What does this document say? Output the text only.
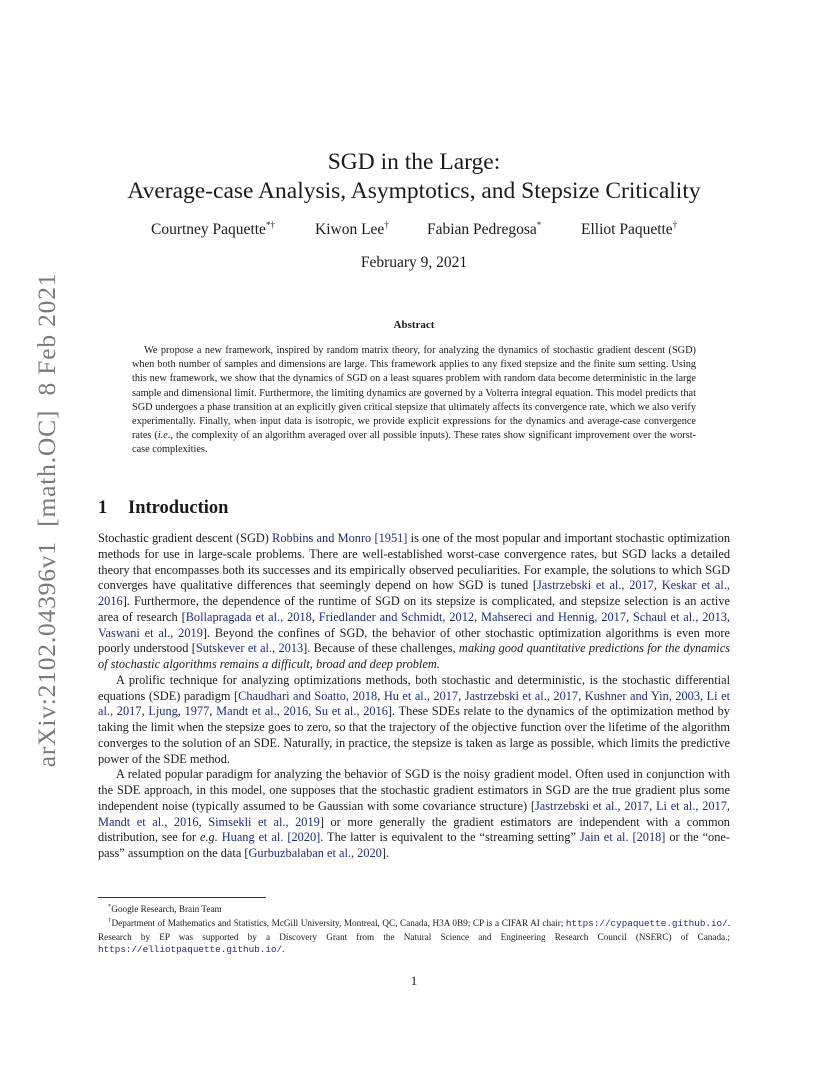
arXiv:2102.04396v1  [math.OC]  8 Feb 2021
SGD in the Large:
Average-case Analysis, Asymptotics, and Stepsize Criticality
Courtney Paquette*†	Kiwon Lee† Fabian Pedregosa*	Elliot Paquette†
February 9, 2021
Abstract

We propose a new framework, inspired by random matrix theory, for analyzing the dynamics of stochastic gradient descent (SGD) when both number of samples and dimensions are large. This framework applies to any fixed stepsize and the finite sum setting. Using this new framework, we show that the dynamics of SGD on a least squares problem with random data become deterministic in the large sample and dimensional limit. Furthermore, the limiting dynamics are governed by a Volterra integral equation. This model predicts that SGD undergoes a phase transition at an explicitly given critical stepsize that ultimately affects its convergence rate, which we also verify experimentally. Finally, when input data is isotropic, we provide explicit expressions for the dynamics and average-case convergence rates (i.e., the complexity of an algorithm averaged over all possible inputs). These rates show significant improvement over the worst-case complexities.

1 Introduction

Stochastic gradient descent (SGD) Robbins and Monro [1951] is one of the most popular and important stochastic optimization methods for use in large-scale problems. There are well-established worst-case convergence rates, but SGD lacks a detailed theory that encompasses both its successes and its empirically observed peculiarities. For example, the solutions to which SGD converges have qualitative differences that seemingly depend on how SGD is tuned [Jastrzebski et al., 2017, Keskar et al., 2016]. Furthermore, the dependence of the runtime of SGD on its stepsize is complicated, and stepsize selection is an active area of research [Bollapragada et al., 2018, Friedlander and Schmidt, 2012, Mahsereci and Hennig, 2017, Schaul et al., 2013, Vaswani et al., 2019]. Beyond the confines of SGD, the behavior of other stochastic optimization algorithms is even more poorly understood [Sutskever et al., 2013]. Because of these challenges, making good quantitative predictions for the dynamics of stochastic algorithms remains a difficult, broad and deep problem.

A prolific technique for analyzing optimizations methods, both stochastic and deterministic, is the stochastic differential equations (SDE) paradigm [Chaudhari and Soatto, 2018, Hu et al., 2017, Jastrzebski et al., 2017, Kushner and Yin, 2003, Li et al., 2017, Ljung, 1977, Mandt et al., 2016, Su et al., 2016]. These SDEs relate to the dynamics of the optimization method by taking the limit when the stepsize goes to zero, so that the trajectory of the objective function over the lifetime of the algorithm converges to the solution of an SDE. Naturally, in practice, the stepsize is taken as large as possible, which limits the predictive power of the SDE method.

A related popular paradigm for analyzing the behavior of SGD is the noisy gradient model. Often used in conjunction with the SDE approach, in this model, one supposes that the stochastic gradient estimators in SGD are the true gradient plus some independent noise (typically assumed to be Gaussian with some covariance structure) [Jastrzebski et al., 2017, Li et al., 2017, Mandt et al., 2016, Simsekli et al., 2019] or more generally the gradient estimators are independent with a common distribution, see for e.g. Huang et al. [2020]. The latter is equivalent to the “streaming setting” Jain et al. [2018] or the “one-pass” assumption on the data [Gurbuzbalaban et al., 2020].

*Google Research, Brain Team

†Department of Mathematics and Statistics, McGill University, Montreal, QC, Canada, H3A 0B9; CP is a CIFAR AI chair; https://cypaquette.github.io/. Research by EP was supported by a Discovery Grant from the Natural Science and Engineering Research Council (NSERC) of Canada.; https://elliotpaquette.github.io/.

1
